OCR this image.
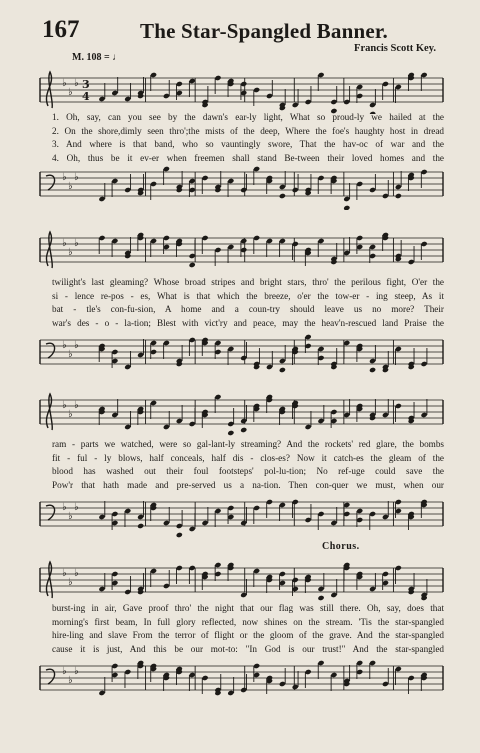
167	The Star-Spangled Banner.
Francis Scott Key.
M. 108 = ♩
Chorus.
♭
♭
♭ 3
4
1. Oh, say, can you see by the dawn's ear-ly light, What so proud-ly we hailed at the
2. On the shore,dimly seen thro';the mists of the deep, Where the foe's haughty host in dread
3. And where is that band, who so vauntingly swore, That the hav-oc of war and the
4. Oh, thus be it ev-er when freemen shall stand Be-tween their loved homes and the
♭
♭
♭
♭
♭
♭
twilight's last gleaming? Whose broad stripes and bright stars, thro' the perilous fight, O'er the
si - lence re-pos - es, What is that which the breeze, o'er the tow-er - ing steep, As it
bat - tle's con-fu-sion, A home and a coun-try should leave us no more? Their
war's des - o - la-tion; Blest with vict'ry and peace, may the heav'n-rescued land Praise the
♭
♭
♭
♭
♭
♭
ram - parts we watched, were so gal-lant-ly streaming? And the rockets' red glare, the bombs
fit - ful - ly blows, half conceals, half dis - clos-es? Now it catch-es the gleam of the
blood has washed out their foul footsteps' pol-lu-tion; No ref-uge could save the
Pow'r that hath made and pre-served us a na-tion. Then con-quer we must, when our
♭
♭
♭
♭
♭
♭
burst-ing in air, Gave proof thro' the night that our flag was still there. Oh, say, does that
morning's first beam, In full glory reflected, now shines on the stream. 'Tis the star-spangled
hire-ling and slave From the terror of flight or the gloom of the grave. And the star-spangled
cause it is just, And this be our mot-to: "In God is our trust!" And the star-spangled
♭
♭
♭
